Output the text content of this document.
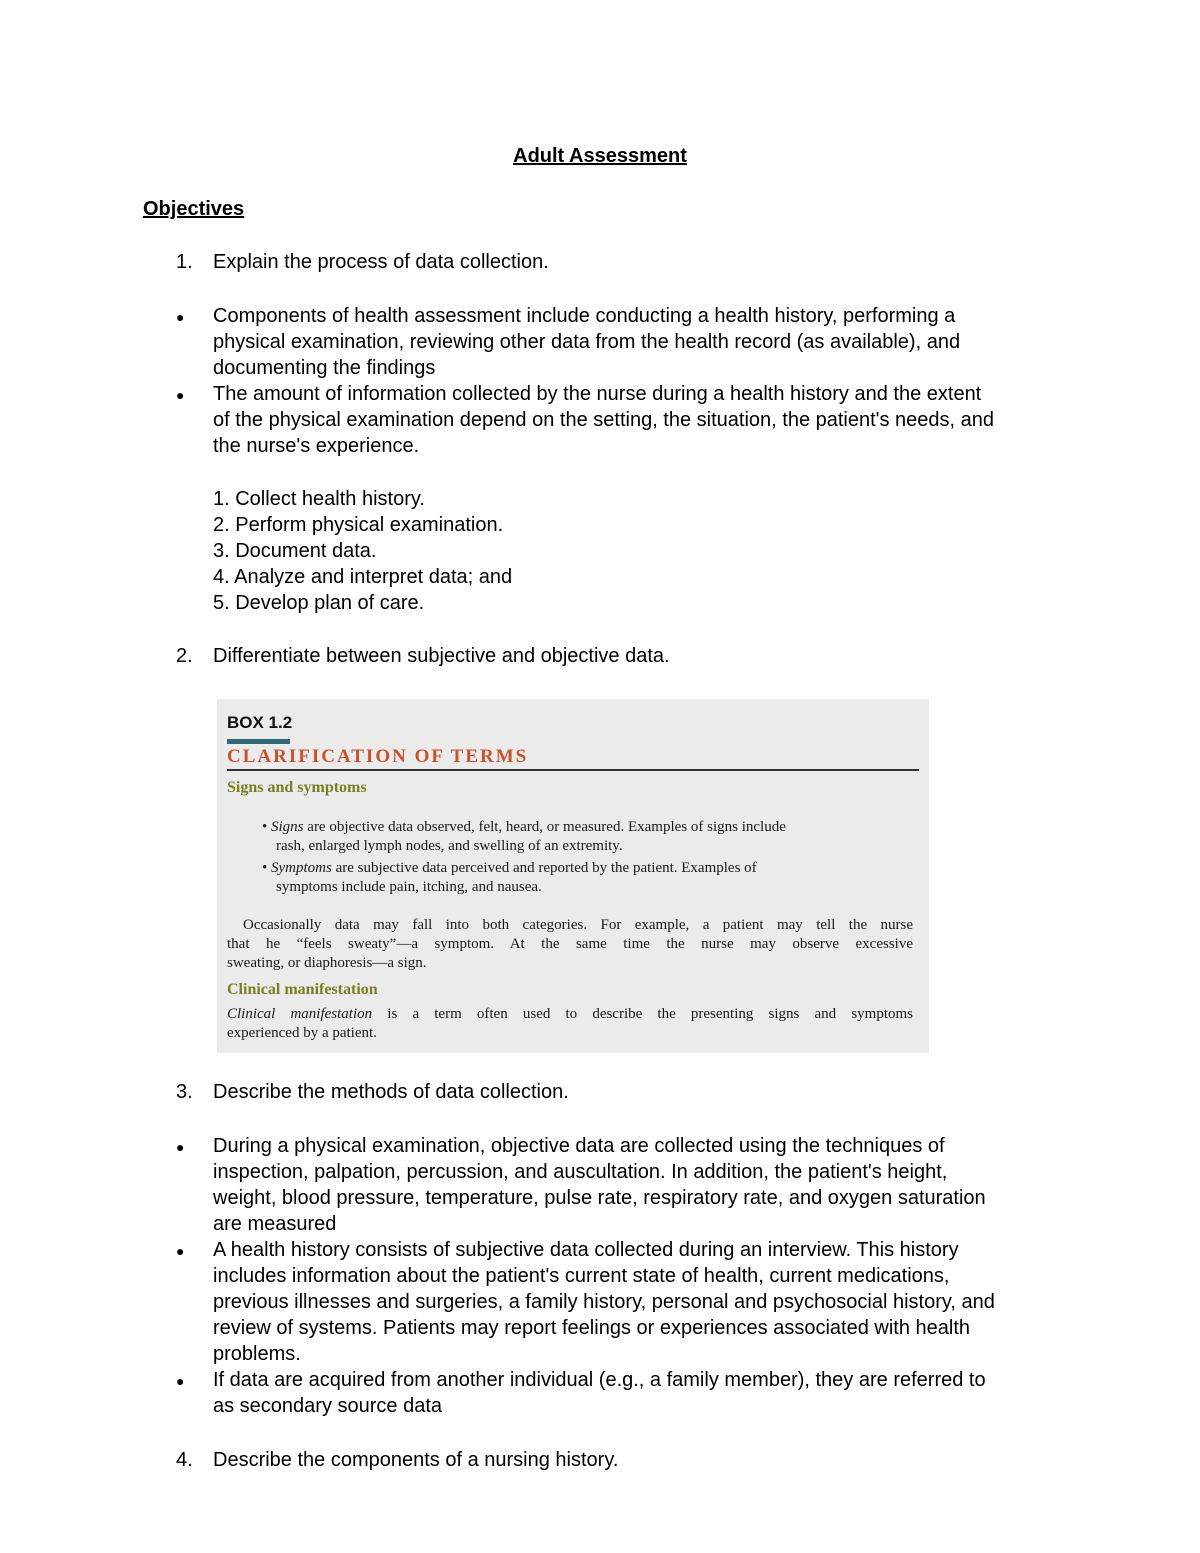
Adult Assessment
Objectives
1. Explain the process of data collection.
● Components of health assessment include conducting a health history, performing a
physical examination, reviewing other data from the health record (as available), and
documenting the findings
● The amount of information collected by the nurse during a health history and the extent
of the physical examination depend on the setting, the situation, the patient's needs, and
the nurse's experience.
1. Collect health history.
2. Perform physical examination.
3. Document data.
4. Analyze and interpret data; and
5. Develop plan of care.
2. Differentiate between subjective and objective data.
BOX 1.2
CLARIFICATION OF TERMS
Signs and symptoms
• Signs are objective data observed, felt, heard, or measured. Examples of signs include
rash, enlarged lymph nodes, and swelling of an extremity.
• Symptoms are subjective data perceived and reported by the patient. Examples of
symptoms include pain, itching, and nausea.
Occasionally data may fall into both categories. For example, a patient may tell the nurse
that he “feels sweaty”—a symptom. At the same time the nurse may observe excessive
sweating, or diaphoresis—a sign.
Clinical manifestation
Clinical manifestation is a term often used to describe the presenting signs and symptoms
experienced by a patient.
3. Describe the methods of data collection.
● During a physical examination, objective data are collected using the techniques of
inspection, palpation, percussion, and auscultation. In addition, the patient's height,
weight, blood pressure, temperature, pulse rate, respiratory rate, and oxygen saturation
are measured
● A health history consists of subjective data collected during an interview. This history
includes information about the patient's current state of health, current medications,
previous illnesses and surgeries, a family history, personal and psychosocial history, and
review of systems. Patients may report feelings or experiences associated with health
problems.
● If data are acquired from another individual (e.g., a family member), they are referred to
as secondary source data
4. Describe the components of a nursing history.
